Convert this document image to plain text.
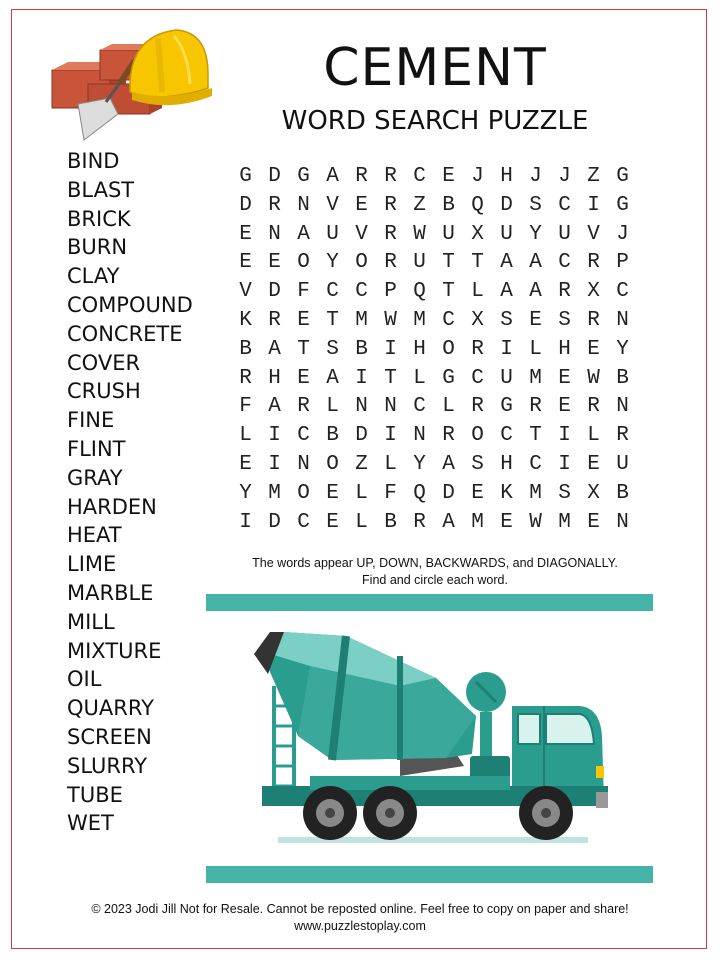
CEMENT
WORD SEARCH PUZZLE
BIND
BLAST
BRICK
BURN
CLAY
COMPOUND
CONCRETE
COVER
CRUSH
FINE
FLINT
GRAY
HARDEN
HEAT
LIME
MARBLE
MILL
MIXTURE
OIL
QUARRY
SCREEN
SLURRY
TUBE
WET
G D G A R R C E J H J J Z G
D R N V E R Z B Q D S C I G
E N A U V R W U X U Y U V J
E E O Y O R U T T A A C R P
V D F C C P Q T L A A R X C
K R E T M W M C X S E S R N
B A T S B I H O R I L H E Y
R H E A I T L G C U M E W B
F A R L N N C L R G R E R N
L I C B D I N R O C T I L R
E I N O Z L Y A S H C I E U
Y M O E L F Q D E K M S X B
I D C E L B R A M E W M E N
The words appear UP, DOWN, BACKWARDS, and DIAGONALLY.
Find and circle each word.
© 2023 Jodi Jill Not for Resale. Cannot be reposted online. Feel free to copy on paper and share!
www.puzzlestoplay.com
